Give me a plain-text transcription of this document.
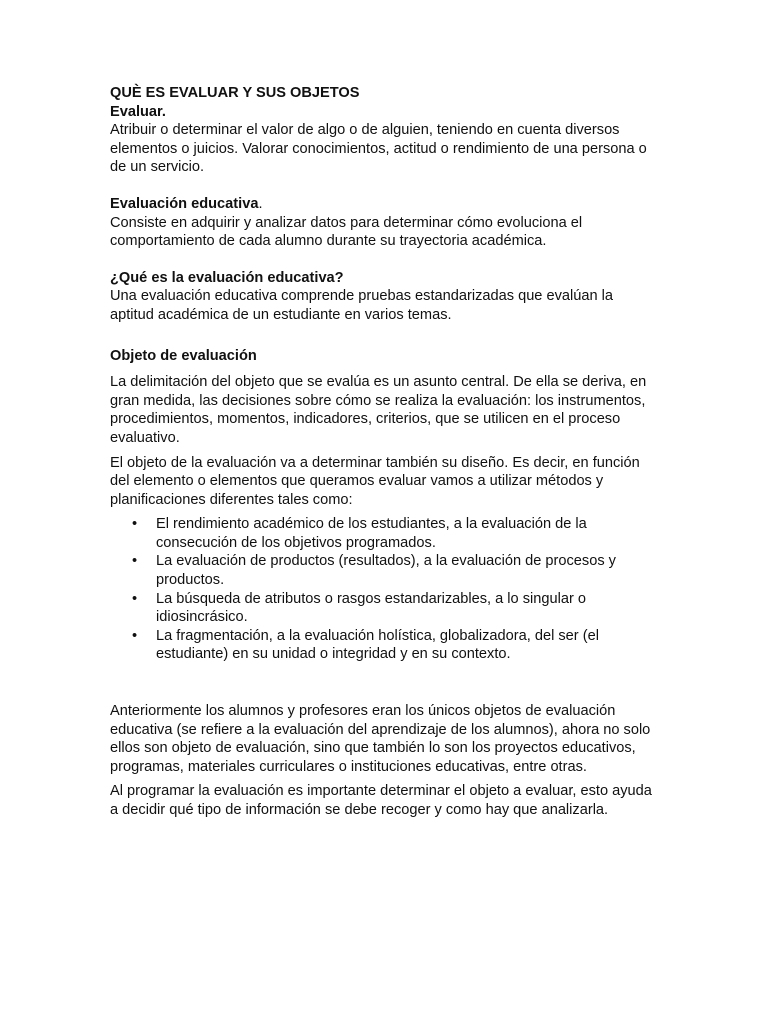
QUÈ ES EVALUAR Y SUS OBJETOS

Evaluar.

Atribuir o determinar el valor de algo o de alguien, teniendo en cuenta diversos elementos o juicios. Valorar conocimientos, actitud o rendimiento de una persona o de un servicio.

Evaluación educativa.

Consiste en adquirir y analizar datos para determinar cómo evoluciona el comportamiento de cada alumno durante su trayectoria académica.

¿Qué es la evaluación educativa?

Una evaluación educativa comprende pruebas estandarizadas que evalúan la aptitud académica de un estudiante en varios temas.

Objeto de evaluación

La delimitación del objeto que se evalúa es un asunto central. De ella se deriva, en gran medida, las decisiones sobre cómo se realiza la evaluación: los instrumentos, procedimientos, momentos, indicadores, criterios, que se utilicen en el proceso evaluativo.

El objeto de la evaluación va a determinar también su diseño. Es decir, en función del elemento o elementos que queramos evaluar vamos a utilizar métodos y planificaciones diferentes tales como:

• El rendimiento académico de los estudiantes, a la evaluación de la consecución de los objetivos programados.
• La evaluación de productos (resultados), a la evaluación de procesos y productos.
• La búsqueda de atributos o rasgos estandarizables, a lo singular o idiosincrásico.
• La fragmentación, a la evaluación holística, globalizadora, del ser (el estudiante) en su unidad o integridad y en su contexto.

Anteriormente los alumnos y profesores eran los únicos objetos de evaluación educativa (se refiere a la evaluación del aprendizaje de los alumnos), ahora no solo ellos son objeto de evaluación, sino que también lo son los proyectos educativos, programas, materiales curriculares o instituciones educativas, entre otras.

Al programar la evaluación es importante determinar el objeto a evaluar, esto ayuda a decidir qué tipo de información se debe recoger y como hay que analizarla.
